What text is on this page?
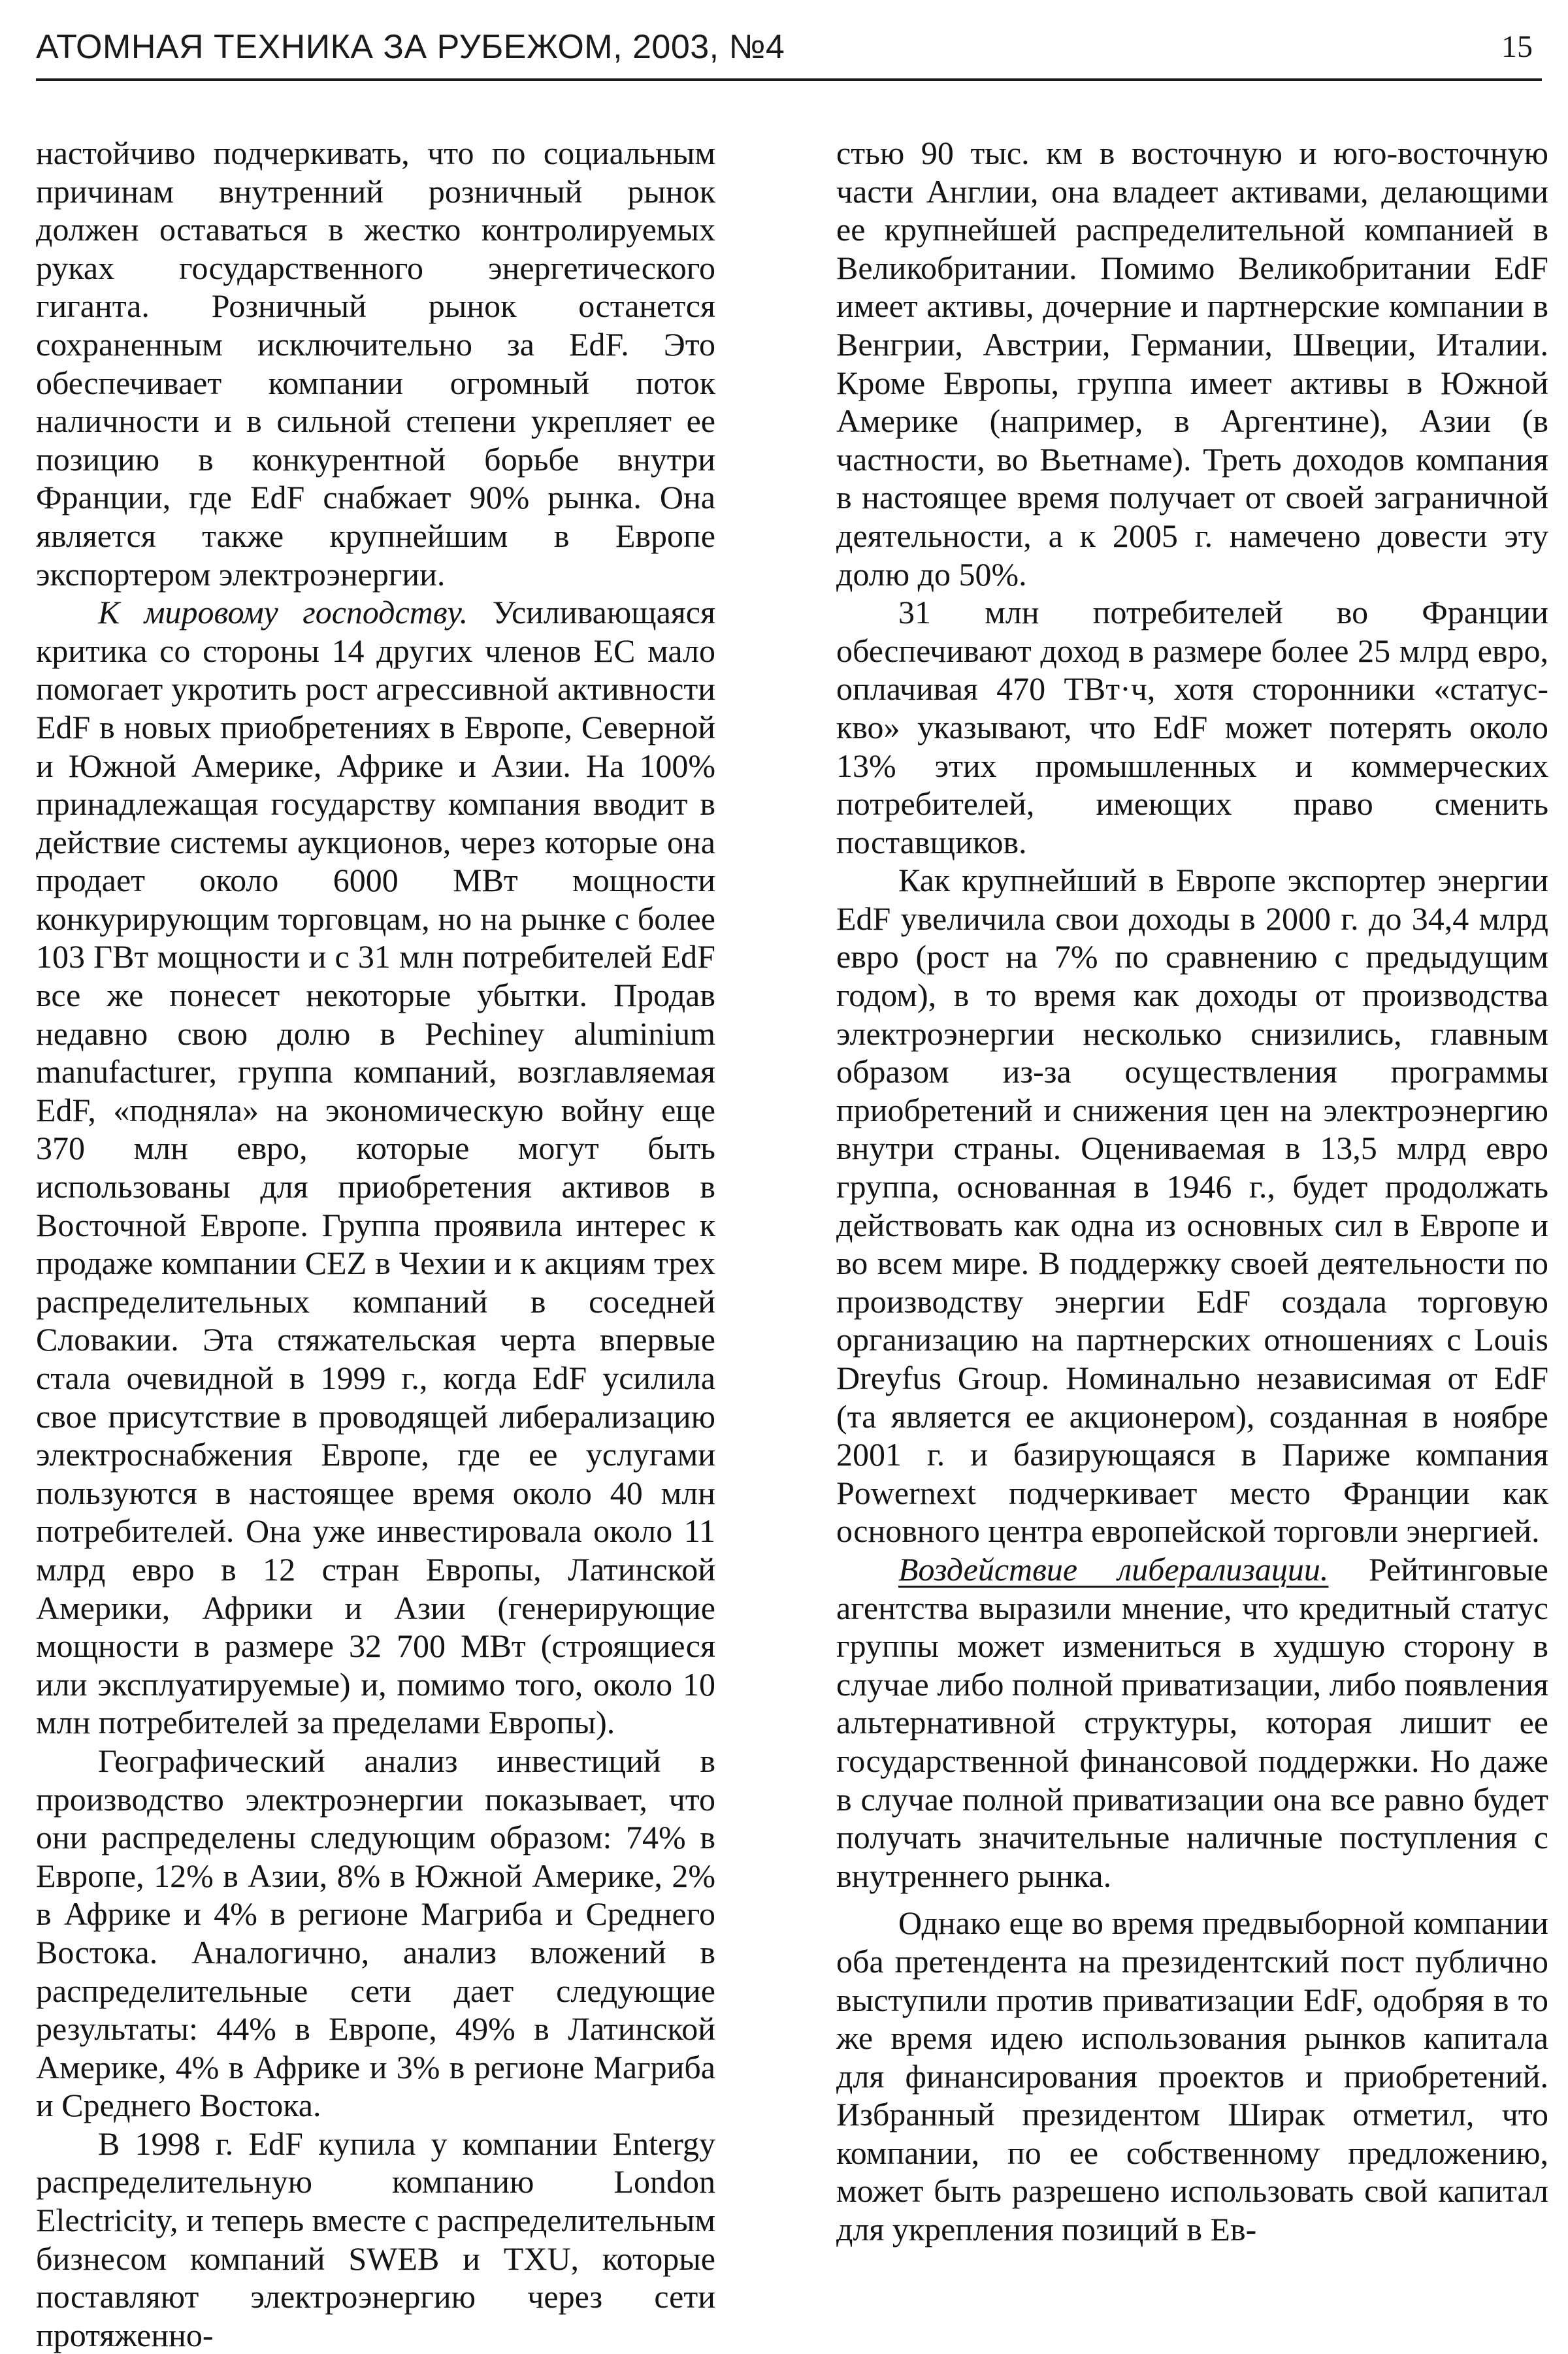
АТОМНАЯ ТЕХНИКА ЗА РУБЕЖОМ, 2003, №4	15

настойчиво подчеркивать, что по социальным причинам внутренний розничный рынок должен оставаться в жестко контролируемых руках государственного энергетического гиганта. Розничный рынок останется сохраненным исключительно за EdF. Это обеспечивает компании огромный поток наличности и в сильной степени укрепляет ее позицию в конкурентной борьбе внутри Франции, где EdF снабжает 90% рынка. Она является также крупнейшим в Европе экспортером электроэнергии.

К мировому господству. Усиливающаяся критика со стороны 14 других членов ЕС мало помогает укротить рост агрессивной активности EdF в новых приобретениях в Европе, Северной и Южной Америке, Африке и Азии. На 100% принадлежащая государству компания вводит в действие системы аукционов, через которые она продает около 6000 МВт мощности конкурирующим торговцам, но на рынке с более 103 ГВт мощности и с 31 млн потребителей EdF все же понесет некоторые убытки. Продав недавно свою долю в Pechiney aluminium manufacturer, группа компаний, возглавляемая EdF, «подняла» на экономическую войну еще 370 млн евро, которые могут быть использованы для приобретения активов в Восточной Европе. Группа проявила интерес к продаже компании CEZ в Чехии и к акциям трех распределительных компаний в соседней Словакии. Эта стяжательская черта впервые стала очевидной в 1999 г., когда EdF усилила свое присутствие в проводящей либерализацию электроснабжения Европе, где ее услугами пользуются в настоящее время около 40 млн потребителей. Она уже инвестировала около 11 млрд евро в 12 стран Европы, Латинской Америки, Африки и Азии (генерирующие мощности в размере 32 700 МВт (строящиеся или эксплуатируемые) и, помимо того, около 10 млн потребителей за пределами Европы).

Географический анализ инвестиций в производство электроэнергии показывает, что они распределены следующим образом: 74% в Европе, 12% в Азии, 8% в Южной Америке, 2% в Африке и 4% в регионе Магриба и Среднего Востока. Аналогично, анализ вложений в распределительные сети дает следующие результаты: 44% в Европе, 49% в Латинской Америке, 4% в Африке и 3% в регионе Магриба и Среднего Востока.

В 1998 г. EdF купила у компании Entergy распределительную компанию London Electricity, и теперь вместе с распределительным бизнесом компаний SWEB и TXU, которые поставляют электроэнергию через сети протяженно-

стью 90 тыс. км в восточную и юго-восточную части Англии, она владеет активами, делающими ее крупнейшей распределительной компанией в Великобритании. Помимо Великобритании EdF имеет активы, дочерние и партнерские компании в Венгрии, Австрии, Германии, Швеции, Италии. Кроме Европы, группа имеет активы в Южной Америке (например, в Аргентине), Азии (в частности, во Вьетнаме). Треть доходов компания в настоящее время получает от своей заграничной деятельности, а к 2005 г. намечено довести эту долю до 50%.

31 млн потребителей во Франции обеспечивают доход в размере более 25 млрд евро, оплачивая 470 ТВт·ч, хотя сторонники «статус-кво» указывают, что EdF может потерять около 13% этих промышленных и коммерческих потребителей, имеющих право сменить поставщиков.

Как крупнейший в Европе экспортер энергии EdF увеличила свои доходы в 2000 г. до 34,4 млрд евро (рост на 7% по сравнению с предыдущим годом), в то время как доходы от производства электроэнергии несколько снизились, главным образом из-за осуществления программы приобретений и снижения цен на электроэнергию внутри страны. Оцениваемая в 13,5 млрд евро группа, основанная в 1946 г., будет продолжать действовать как одна из основных сил в Европе и во всем мире. В поддержку своей деятельности по производству энергии EdF создала торговую организацию на партнерских отношениях с Louis Dreyfus Group. Номинально независимая от EdF (та является ее акционером), созданная в ноябре 2001 г. и базирующаяся в Париже компания Powernext подчеркивает место Франции как основного центра европейской торговли энергией.

Воздействие либерализации. Рейтинговые агентства выразили мнение, что кредитный статус группы может измениться в худшую сторону в случае либо полной приватизации, либо появления альтернативной структуры, которая лишит ее государственной финансовой поддержки. Но даже в случае полной приватизации она все равно будет получать значительные наличные поступления с внутреннего рынка.

Однако еще во время предвыборной компании оба претендента на президентский пост публично выступили против приватизации EdF, одобряя в то же время идею использования рынков капитала для финансирования проектов и приобретений. Избранный президентом Ширак отметил, что компании, по ее собственному предложению, может быть разрешено использовать свой капитал для укрепления позиций в Ев-
